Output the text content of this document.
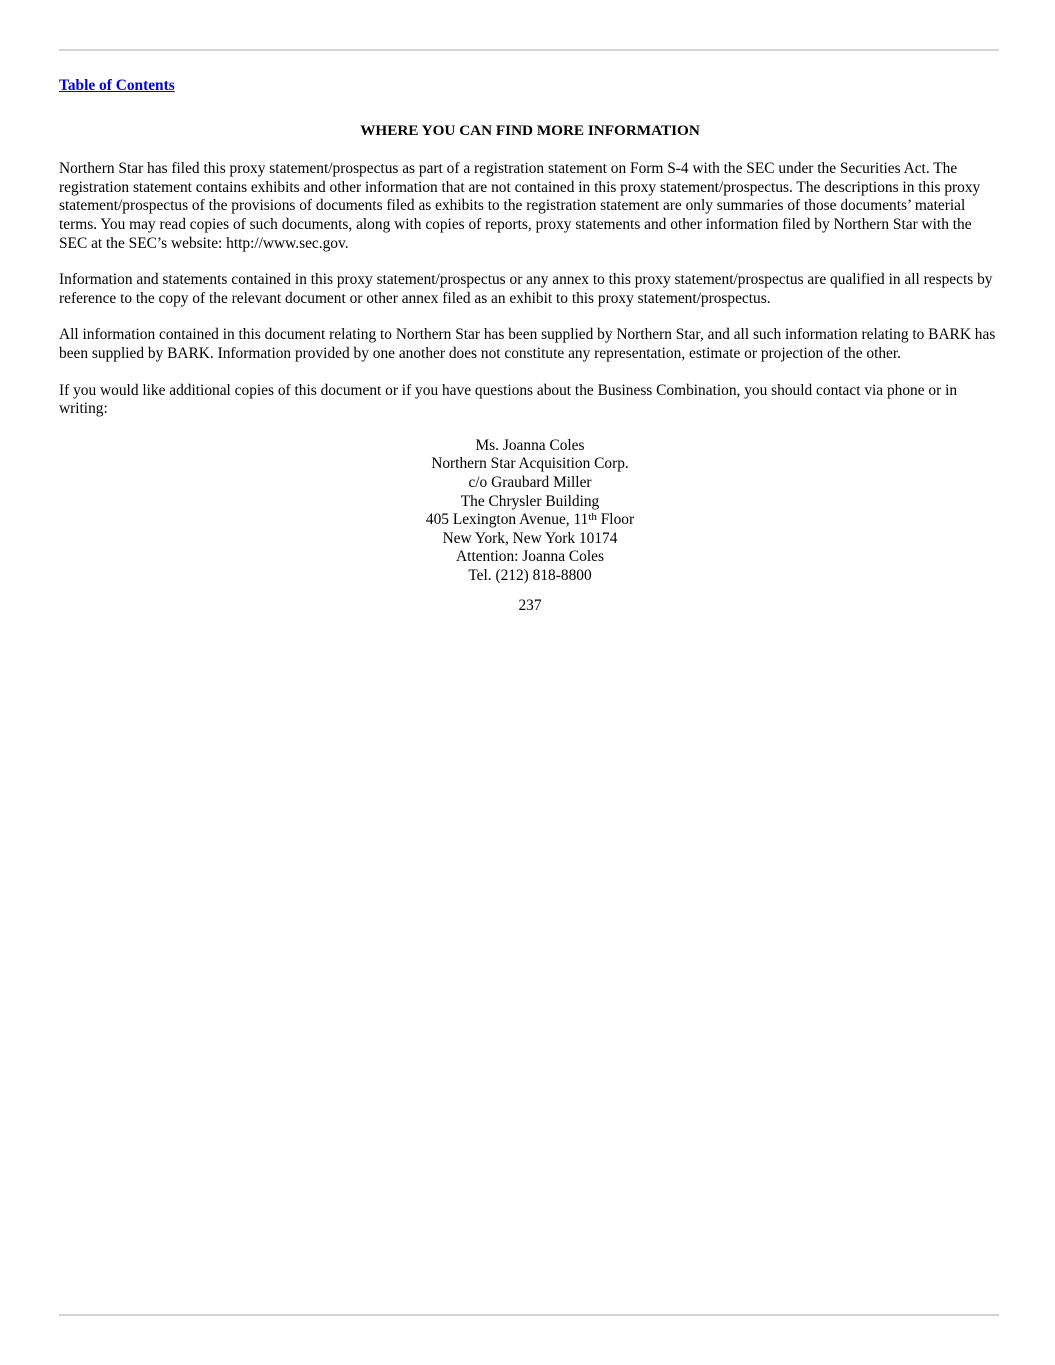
Table of Contents
WHERE YOU CAN FIND MORE INFORMATION

Northern Star has filed this proxy statement/prospectus as part of a registration statement on Form S-4 with the SEC under the Securities Act. The registration statement contains exhibits and other information that are not contained in this proxy statement/prospectus. The descriptions in this proxy statement/prospectus of the provisions of documents filed as exhibits to the registration statement are only summaries of those documents’ material terms. You may read copies of such documents, along with copies of reports, proxy statements and other information filed by Northern Star with the SEC at the SEC’s website: http://www.sec.gov.

Information and statements contained in this proxy statement/prospectus or any annex to this proxy statement/prospectus are qualified in all respects by reference to the copy of the relevant document or other annex filed as an exhibit to this proxy statement/prospectus.

All information contained in this document relating to Northern Star has been supplied by Northern Star, and all such information relating to BARK has been supplied by BARK. Information provided by one another does not constitute any representation, estimate or projection of the other.

If you would like additional copies of this document or if you have questions about the Business Combination, you should contact via phone or in writing:

Ms. Joanna Coles
Northern Star Acquisition Corp.
c/o Graubard Miller
The Chrysler Building
405 Lexington Avenue, 11th Floor
New York, New York 10174
Attention: Joanna Coles
Tel. (212) 818-8800
237
